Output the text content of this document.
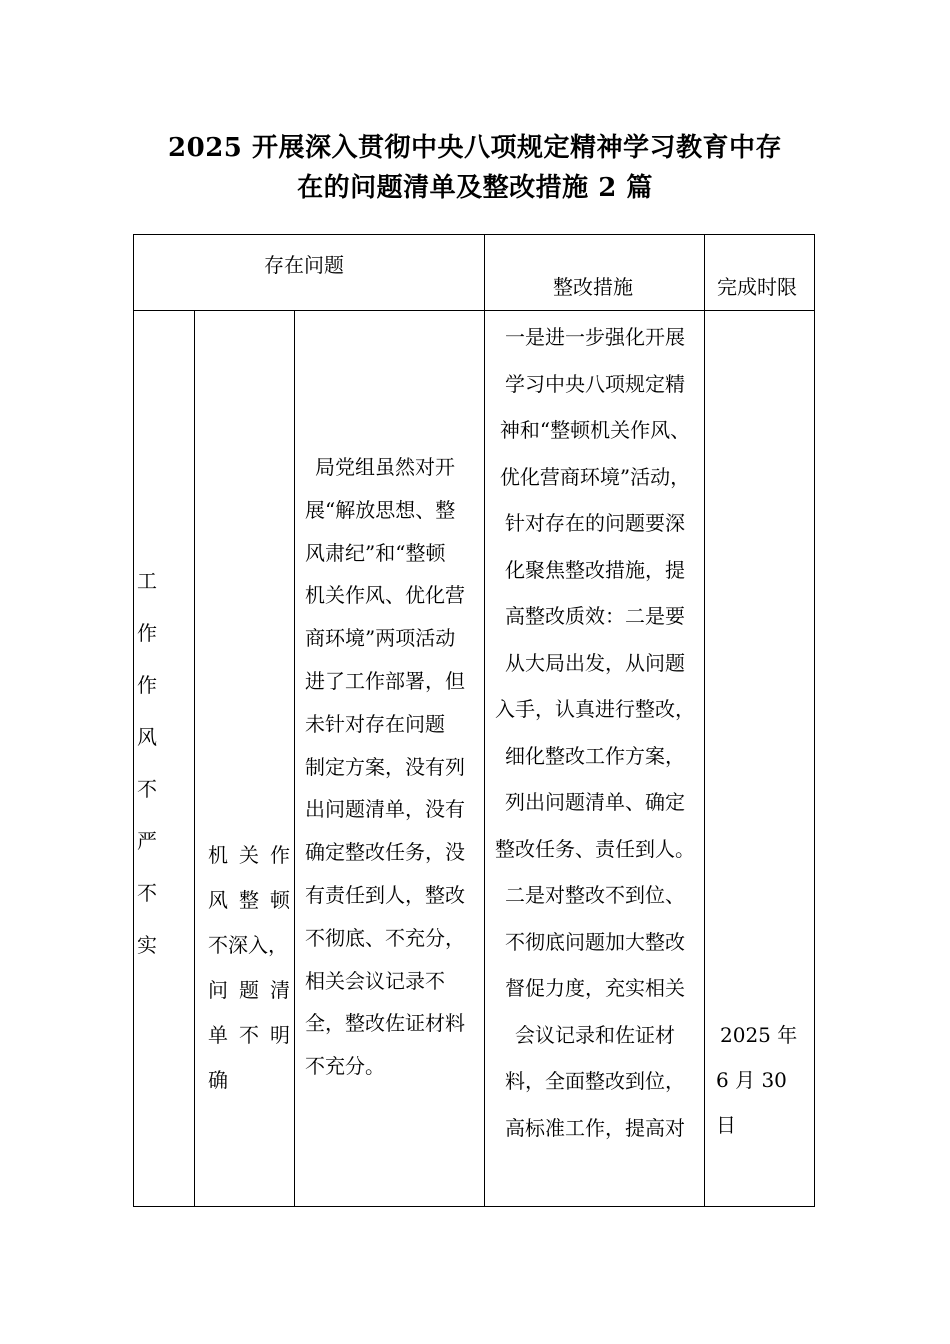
2025 开展深入贯彻中央八项规定精神学习教育中存
在的问题清单及整改措施 2 篇
存在问题
整改措施	完成时限
工
作
作
风
不
严
不
实
机 关 作
风 整 顿
不深入，
问 题 清
单 不 明
确
局党组虽然对开
展“解放思想、整
风肃纪”和“整顿
机关作风、优化营
商环境”两项活动
进了工作部署，但
未针对存在问题
制定方案，没有列
出问题清单，没有
确定整改任务，没
有责任到人，整改
不彻底、不充分，
相关会议记录不
全，整改佐证材料
不充分。
一是进一步强化开展
学习中央八项规定精
神和“整顿机关作风、
优化营商环境”活动，
针对存在的问题要深
化聚焦整改措施，提
高整改质效：二是要
从大局出发，从问题
入手，认真进行整改，
细化整改工作方案，
列出问题清单、确定
整改任务、责任到人。
二是对整改不到位、
不彻底问题加大整改
督促力度，充实相关
会议记录和佐证材
料，全面整改到位，
高标准工作，提高对
2025 年
6 月 30
日
